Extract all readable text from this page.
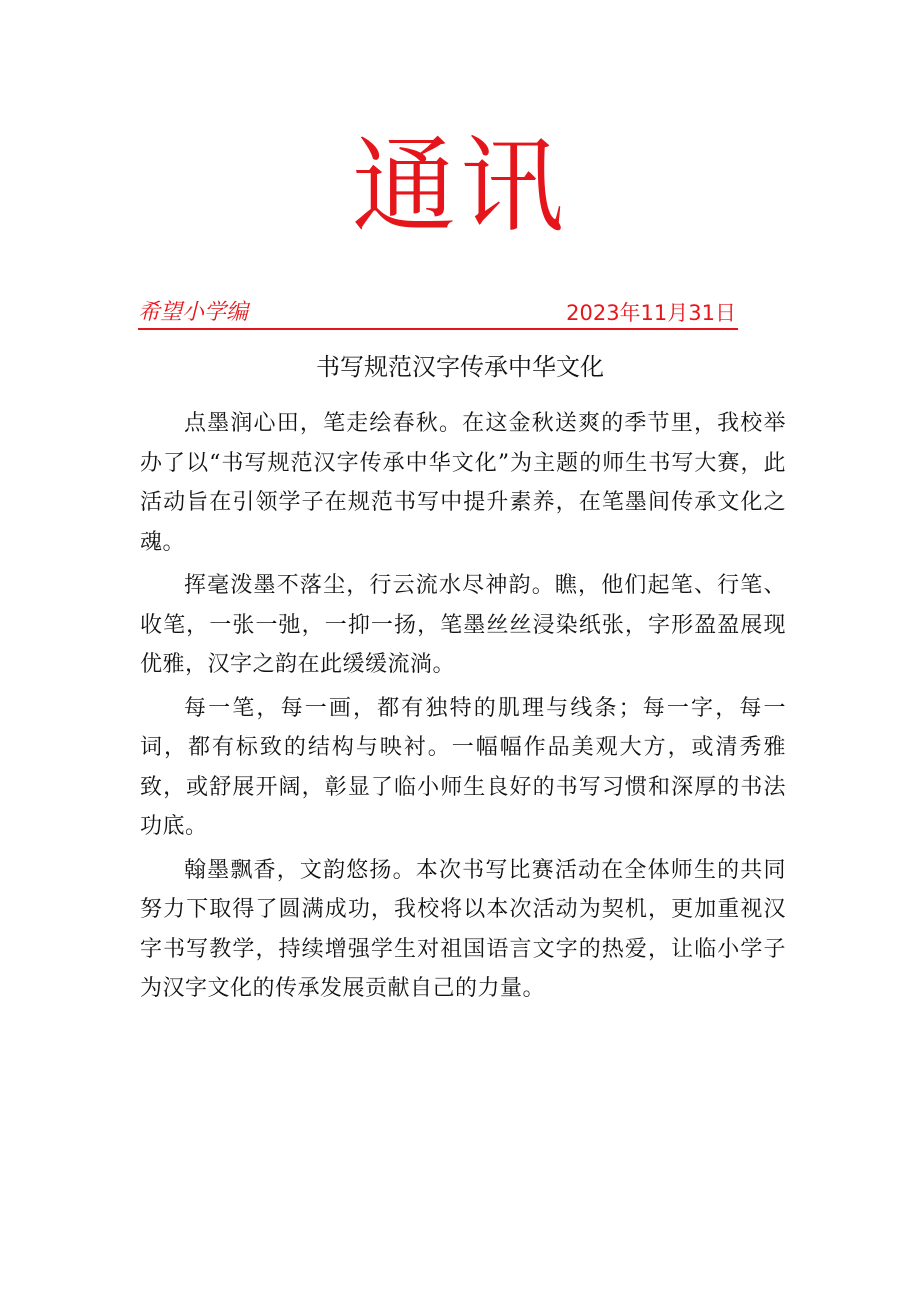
通讯
希望小学编	2023年11月31日
书写规范汉字传承中华文化

点墨润心田，笔走绘春秋。在这金秋送爽的季节里，我校举办了以“书写规范汉字传承中华文化”为主题的师生书写大赛，此活动旨在引领学子在规范书写中提升素养，在笔墨间传承文化之魂。

挥毫泼墨不落尘，行云流水尽神韵。瞧，他们起笔、行笔、收笔，一张一弛，一抑一扬，笔墨丝丝浸染纸张，字形盈盈展现优雅，汉字之韵在此缓缓流淌。

每一笔，每一画，都有独特的肌理与线条；每一字，每一词，都有标致的结构与映衬。一幅幅作品美观大方，或清秀雅致，或舒展开阔，彰显了临小师生良好的书写习惯和深厚的书法功底。

翰墨飘香，文韵悠扬。本次书写比赛活动在全体师生的共同努力下取得了圆满成功，我校将以本次活动为契机，更加重视汉字书写教学，持续增强学生对祖国语言文字的热爱，让临小学子为汉字文化的传承发展贡献自己的力量。
